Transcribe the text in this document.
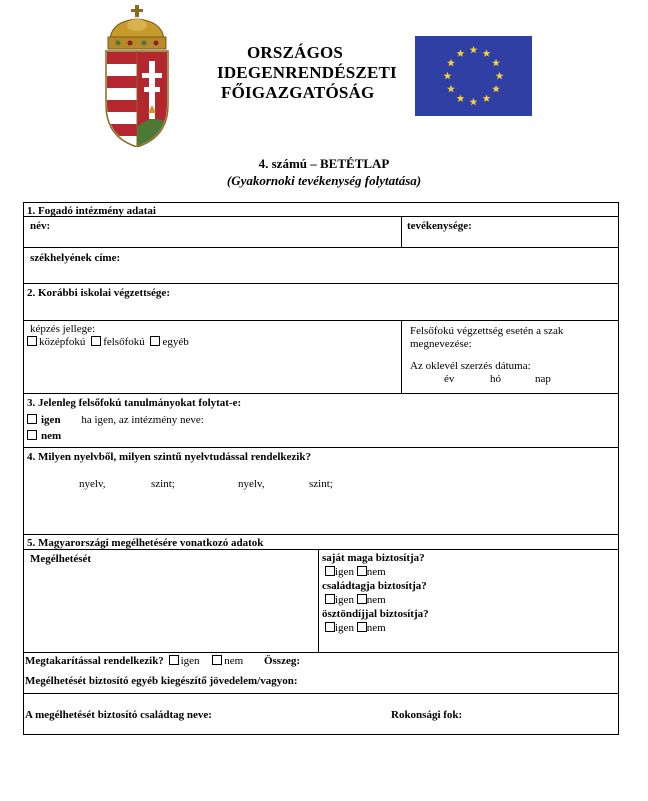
ORSZÁGOS
IDEGENRENDÉSZETI
FŐIGAZGATÓSÁG
4. számú – BETÉTLAP
(Gyakornoki tevékenység folytatása)
1. Fogadó intézmény adatai
név:	tevékenysége:
székhelyének címe:
2. Korábbi iskolai végzettsége:
képzés jellege:
középfokú felsőfokú egyéb
Felsőfokú végzettség esetén a szak
megnevezése:
Az oklevél szerzés dátuma:
év	hó	nap
3. Jelenleg felsőfokú tanulmányokat folytat-e:
igen ha igen, az intézmény neve:
nem
4. Milyen nyelvből, milyen szintű nyelvtudással rendelkezik?
nyelv,	szint;	nyelv,	szint;
5. Magyarországi megélhetésére vonatkozó adatok
Megélhetését	saját maga biztosítja?
igen nem
családtagja biztosítja?
igen nem
ösztöndíjjal biztosítja?
igen nem
Megtakarítással rendelkezik? igen nem Összeg:
Megélhetését biztosító egyéb kiegészítő jövedelem/vagyon:
A megélhetését biztosító családtag neve:	Rokonsági fok:
